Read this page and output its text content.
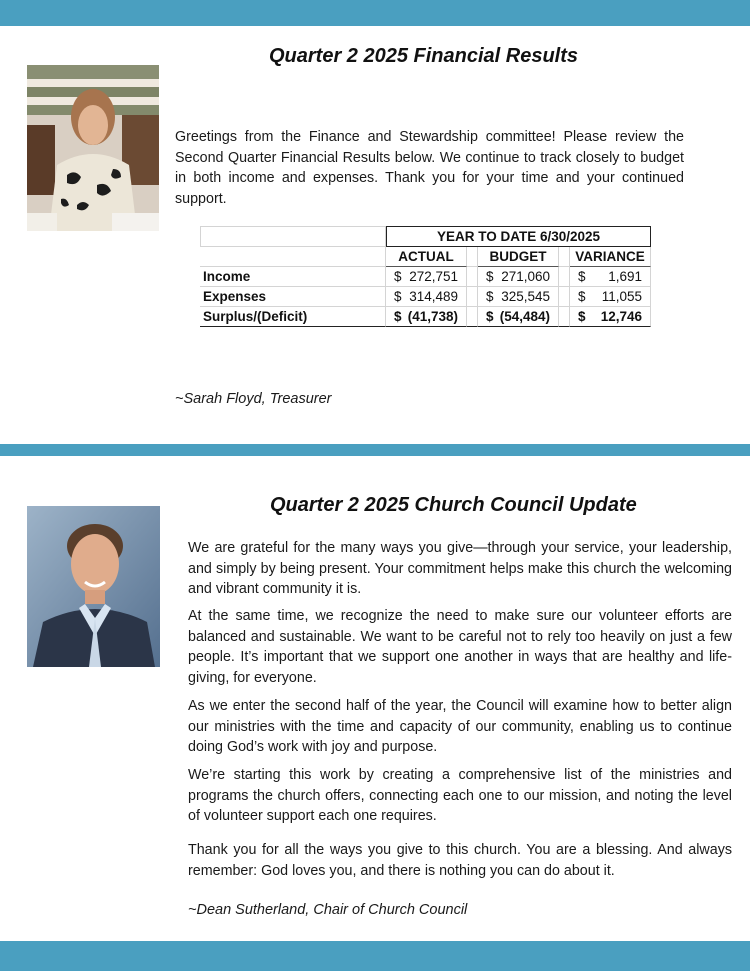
Quarter 2 2025 Financial Results

Greetings from the Finance and Stewardship committee! Please review the Second Quarter Financial Results below. We continue to track closely to budget in both income and expenses. Thank you for your time and your continued support.

	YEAR TO DATE 6/30/2025				
	ACTUAL		BUDGET		VARIANCE
Income	$ 272,751		$ 271,060		$ 1,691

Expenses	$ 314,489		$ 325,545		$ 11,055

Surplus/(Deficit)	$ (41,738)		$ (54,484)		$ 12,746

~Sarah Floyd, Treasurer

Quarter 2 2025 Church Council Update

We are grateful for the many ways you give—through your service, your leadership, and simply by being present. Your commitment helps make this church the welcoming and vibrant community it is.

At the same time, we recognize the need to make sure our volunteer efforts are balanced and sustainable. We want to be careful not to rely too heavily on just a few people. It’s important that we support one another in ways that are healthy and life-giving, for everyone.

As we enter the second half of the year, the Council will examine how to better align our ministries with the time and capacity of our community, enabling us to continue doing God’s work with joy and purpose.

We’re starting this work by creating a comprehensive list of the ministries and programs the church offers, connecting each one to our mission, and noting the level of volunteer support each one requires.

Thank you for all the ways you give to this church. You are a blessing. And always remember: God loves you, and there is nothing you can do about it.

~Dean Sutherland, Chair of Church Council
